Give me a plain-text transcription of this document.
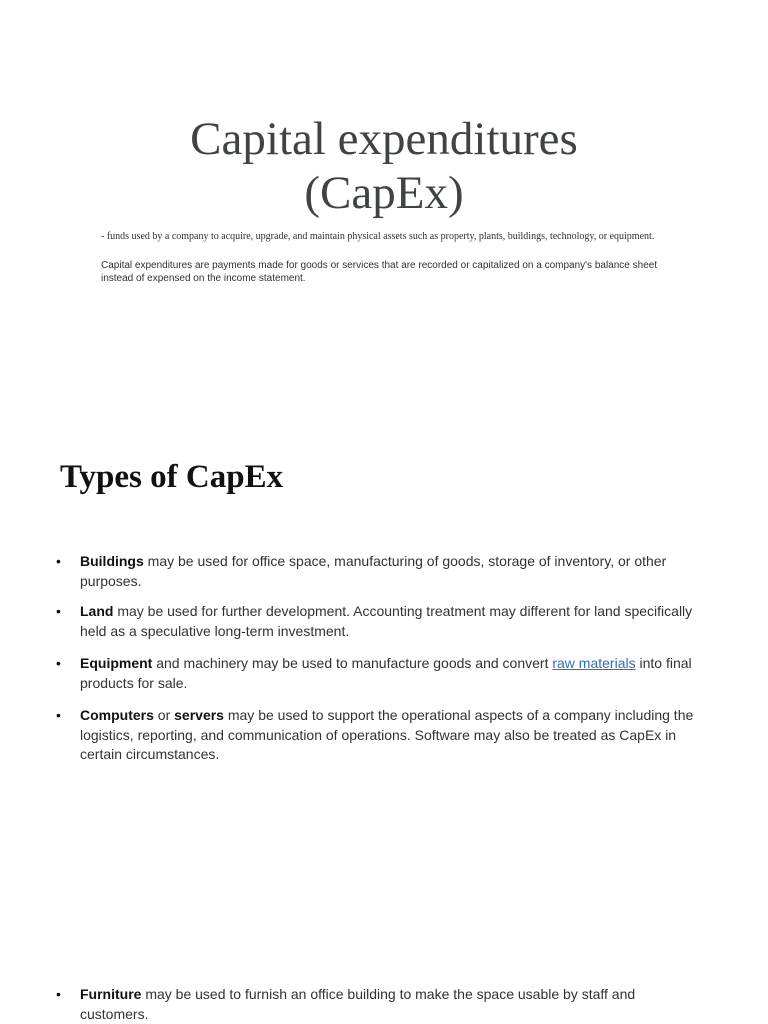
Capital expenditures
(CapEx)
- funds used by a company to acquire, upgrade, and maintain physical assets such as property, plants, buildings, technology, or equipment.
Capital expenditures are payments made for goods or services that are recorded or capitalized on a company's balance sheet instead of expensed on the income statement.
Types of CapEx
• Buildings may be used for office space, manufacturing of goods, storage of inventory, or other purposes.
• Land may be used for further development. Accounting treatment may different for land specifically held as a speculative long-term investment.
• Equipment and machinery may be used to manufacture goods and convert raw materials into final products for sale.
• Computers or servers may be used to support the operational aspects of a company including the logistics, reporting, and communication of operations. Software may also be treated as CapEx in certain circumstances.
• Furniture may be used to furnish an office building to make the space usable by staff and customers.
